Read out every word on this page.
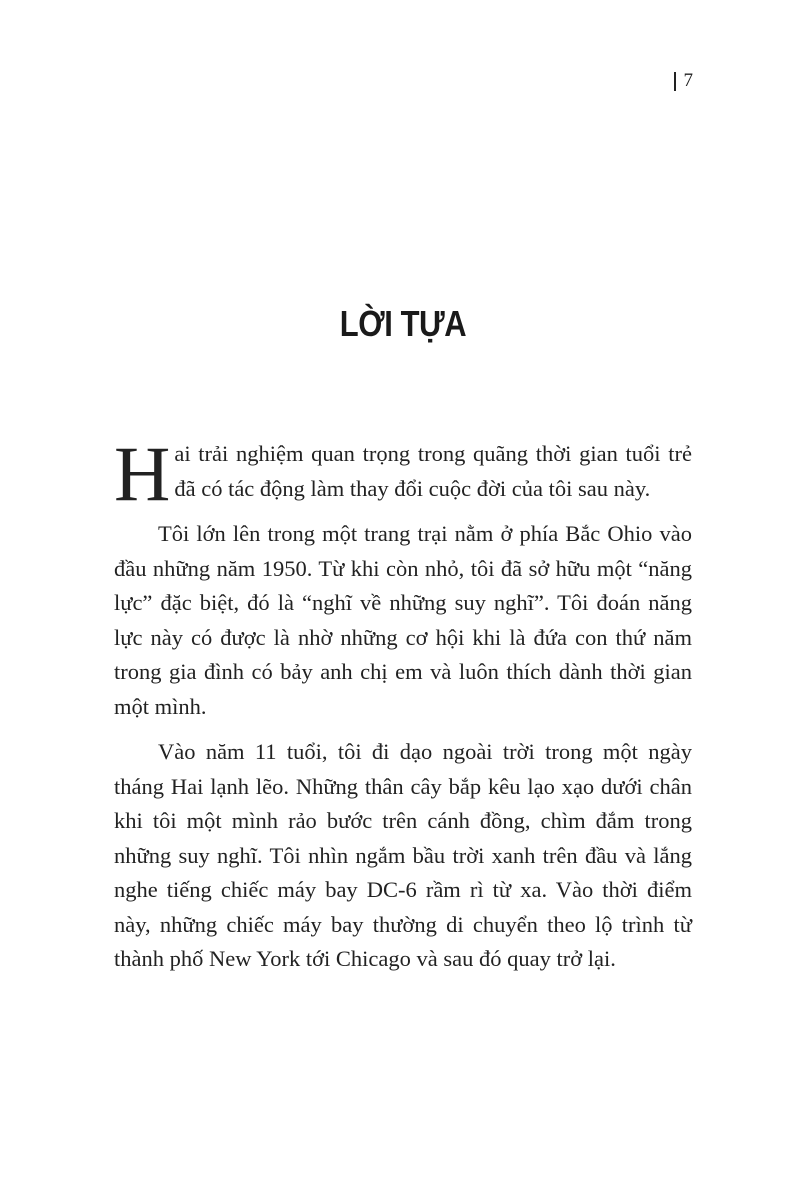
7
LỜI TỰA

Hai trải nghiệm quan trọng trong quãng thời gian tuổi trẻ đã có tác động làm thay đổi cuộc đời của tôi sau này.

Tôi lớn lên trong một trang trại nằm ở phía Bắc Ohio vào đầu những năm 1950. Từ khi còn nhỏ, tôi đã sở hữu một “năng lực” đặc biệt, đó là “nghĩ về những suy nghĩ”. Tôi đoán năng lực này có được là nhờ những cơ hội khi là đứa con thứ năm trong gia đình có bảy anh chị em và luôn thích dành thời gian một mình.

Vào năm 11 tuổi, tôi đi dạo ngoài trời trong một ngày tháng Hai lạnh lẽo. Những thân cây bắp kêu lạo xạo dưới chân khi tôi một mình rảo bước trên cánh đồng, chìm đắm trong những suy nghĩ. Tôi nhìn ngắm bầu trời xanh trên đầu và lắng nghe tiếng chiếc máy bay DC-6 rầm rì từ xa. Vào thời điểm này, những chiếc máy bay thường di chuyển theo lộ trình từ thành phố New York tới Chicago và sau đó quay trở lại.
